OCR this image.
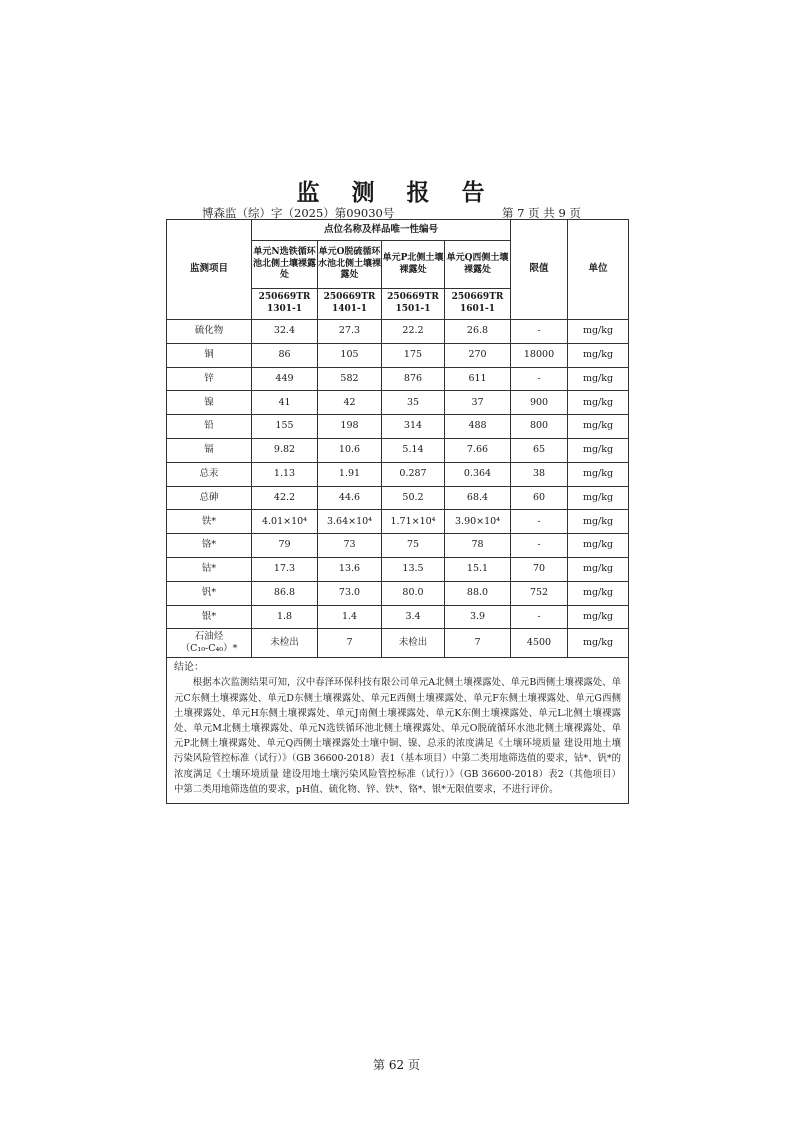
监 测 报 告
博森监（综）字（2025）第09030号	第 7 页 共 9 页
监测项目	点位名称及样品唯一性编号				限值	单位
	单元N选铁循环池北侧土壤裸露处	单元O脱硫循环水池北侧土壤裸露处	单元P北侧土壤裸露处	单元Q西侧土壤裸露处		
	250669TR 1301-1	250669TR 1401-1	250669TR 1501-1	250669TR 1601-1		
硫化物	32.4	27.3	22.2	26.8	-	mg/kg
铜	86	105	175	270	18000	mg/kg
锌	449	582	876	611	-	mg/kg
镍	41	42	35	37	900	mg/kg
铅	155	198	314	488	800	mg/kg
镉	9.82	10.6	5.14	7.66	65	mg/kg
总汞	1.13	1.91	0.287	0.364	38	mg/kg
总砷	42.2	44.6	50.2	68.4	60	mg/kg
铁*	4.01×10⁴	3.64×10⁴	1.71×10⁴	3.90×10⁴	-	mg/kg
铬*	79	73	75	78	-	mg/kg
钴*	17.3	13.6	13.5	15.1	70	mg/kg
钒*	86.8	73.0	80.0	88.0	752	mg/kg
银*	1.8	1.4	3.4	3.9	-	mg/kg

石油烃
（C₁₀-C₄₀）*	未检出	7	未检出	7	4500	mg/kg

结论：
根据本次监测结果可知，汉中春泽环保科技有限公司单元A北侧土壤裸露处、单元B西侧土壤裸露处、单元C东侧土壤裸露处、单元D东侧土壤裸露处、单元E西侧土壤裸露处、单元F东侧土壤裸露处、单元G西侧土壤裸露处、单元H东侧土壤裸露处、单元J南侧土壤裸露处、单元K东侧土壤裸露处、单元L北侧土壤裸露处、单元M北侧土壤裸露处、单元N选铁循环池北侧土壤裸露处、单元O脱硫循环水池北侧土壤裸露处、单元P北侧土壤裸露处、单元Q西侧土壤裸露处土壤中铜、镍、总汞的浓度满足《土壤环境质量 建设用地土壤污染风险管控标准（试行）》（GB 36600-2018）表1（基本项目）中第二类用地筛选值的要求，钴*、钒*的浓度满足《土壤环境质量 建设用地土壤污染风险管控标准（试行）》（GB 36600-2018）表2（其他项目）中第二类用地筛选值的要求，pH值、硫化物、锌、铁*、铬*、银*无限值要求，不进行评价。						
第 62 页
